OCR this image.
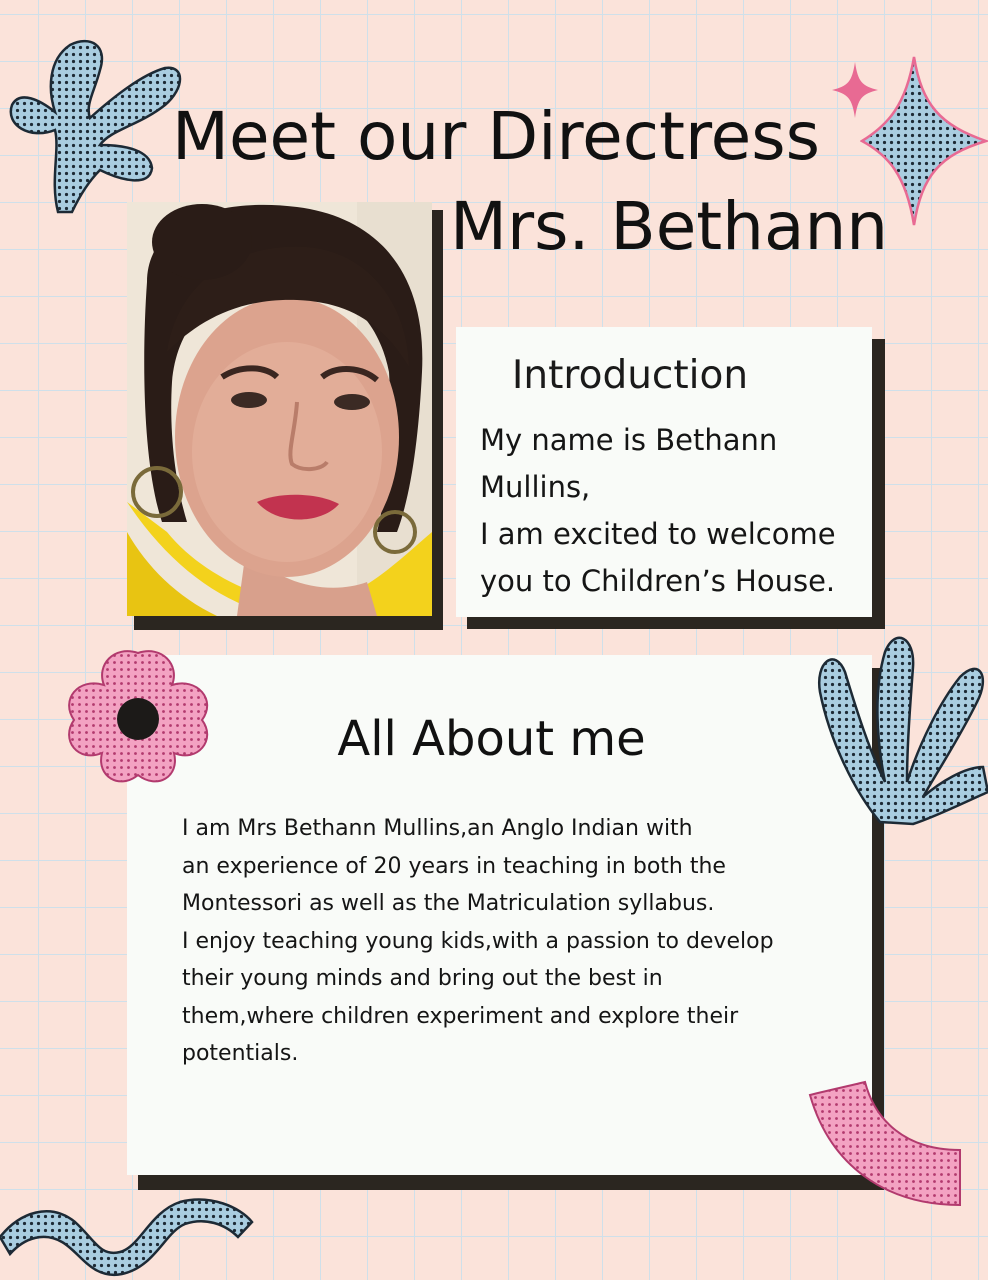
Meet our Directress
Mrs. Bethann
Introduction
My name is Bethann
Mullins,
I am excited to welcome
you to Children’s House.
All About me
I am Mrs Bethann Mullins,an Anglo Indian with
an experience of 20 years in teaching in both the
Montessori as well as the Matriculation syllabus.
I enjoy teaching young kids,with a passion to develop
their young minds and bring out the best in
them,where children experiment and explore their
potentials.
